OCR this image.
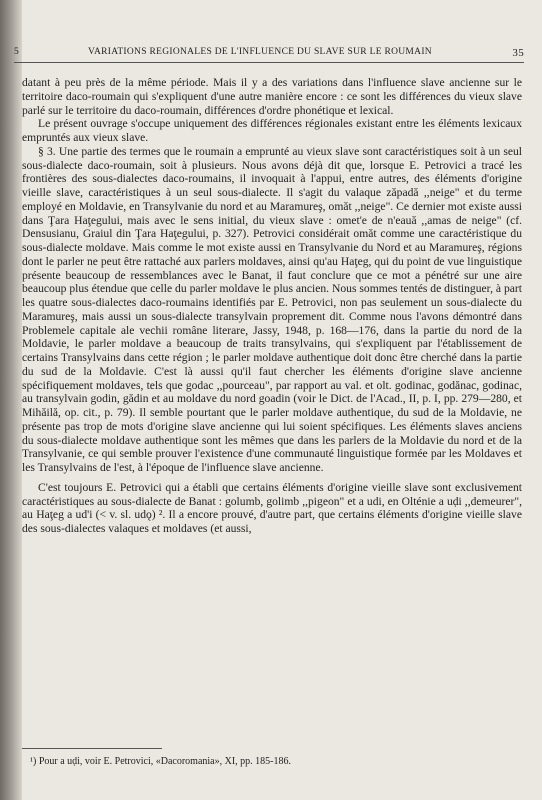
5	VARIATIONS REGIONALES DE L'INFLUENCE DU SLAVE SUR LE ROUMAIN	35

datant à peu près de la même période. Mais il y a des variations dans l'influence slave ancienne sur le territoire daco-roumain qui s'expliquent d'une autre manière encore : ce sont les différences du vieux slave parlé sur le territoire du daco-roumain, différences d'ordre phonétique et lexical.

Le présent ouvrage s'occupe uniquement des différences régionales existant entre les éléments lexicaux empruntés aux vieux slave.

§ 3. Une partie des termes que le roumain a emprunté au vieux slave sont caractéristiques soit à un seul sous-dialecte daco-roumain, soit à plusieurs. Nous avons déjà dit que, lorsque E. Petrovici a tracé les frontières des sous-dialectes daco-roumains, il invoquait à l'appui, entre autres, des éléments d'origine vieille slave, caractéristiques à un seul sous-dialecte. Il s'agit du valaque zăpadă ,,neige" et du terme employé en Moldavie, en Transylvanie du nord et au Maramureş, omăt ,,neige". Ce dernier mot existe aussi dans Ţara Haţegului, mais avec le sens initial, du vieux slave : omet'e de n'eauă ,,amas de neige" (cf. Densusianu, Graiul din Ţara Haţegului, p. 327). Petrovici considérait omăt comme une caractéristique du sous-dialecte moldave. Mais comme le mot existe aussi en Transylvanie du Nord et au Maramureş, régions dont le parler ne peut être rattaché aux parlers moldaves, ainsi qu'au Haţeg, qui du point de vue linguistique présente beaucoup de ressemblances avec le Banat, il faut conclure que ce mot a pénétré sur une aire beaucoup plus étendue que celle du parler moldave le plus ancien. Nous sommes tentés de distinguer, à part les quatre sous-dialectes daco-roumains identifiés par E. Petrovici, non pas seulement un sous-dialecte du Maramureş, mais aussi un sous-dialecte transylvain proprement dit. Comme nous l'avons démontré dans Problemele capitale ale vechii române literare, Jassy, 1948, p. 168—176, dans la partie du nord de la Moldavie, le parler moldave a beaucoup de traits transylvains, qui s'expliquent par l'établissement de certains Transylvains dans cette région ; le parler moldave authentique doit donc être cherché dans la partie du sud de la Moldavie. C'est là aussi qu'il faut chercher les éléments d'origine slave ancienne spécifiquement moldaves, tels que godac ,,pourceau", par rapport au val. et olt. godinac, godănac, godinac, au transylvain godin, gădin et au moldave du nord goadin (voir le Dict. de l'Acad., II, p. I, pp. 279—280, et Mihăilă, op. cit., p. 79). Il semble pourtant que le parler moldave authentique, du sud de la Moldavie, ne présente pas trop de mots d'origine slave ancienne qui lui soient spécifiques. Les éléments slaves anciens du sous-dialecte moldave authentique sont les mêmes que dans les parlers de la Moldavie du nord et de la Transylvanie, ce qui semble prouver l'existence d'une communauté linguistique formée par les Moldaves et les Transylvains de l'est, à l'époque de l'influence slave ancienne.

C'est toujours E. Petrovici qui a établi que certains éléments d'origine vieille slave sont exclusivement caractéristiques au sous-dialecte de Banat : golumb, golimb ,,pigeon" et a udi, en Olténie a uḍi ,,demeurer", au Haţeg a ud'i (< v. sl. udǫ) ². Il a encore prouvé, d'autre part, que certains éléments d'origine vieille slave des sous-dialectes valaques et moldaves (et aussi,

¹) Pour a uḍi, voir E. Petrovici, «Dacoromania», XI, pp. 185-186.
